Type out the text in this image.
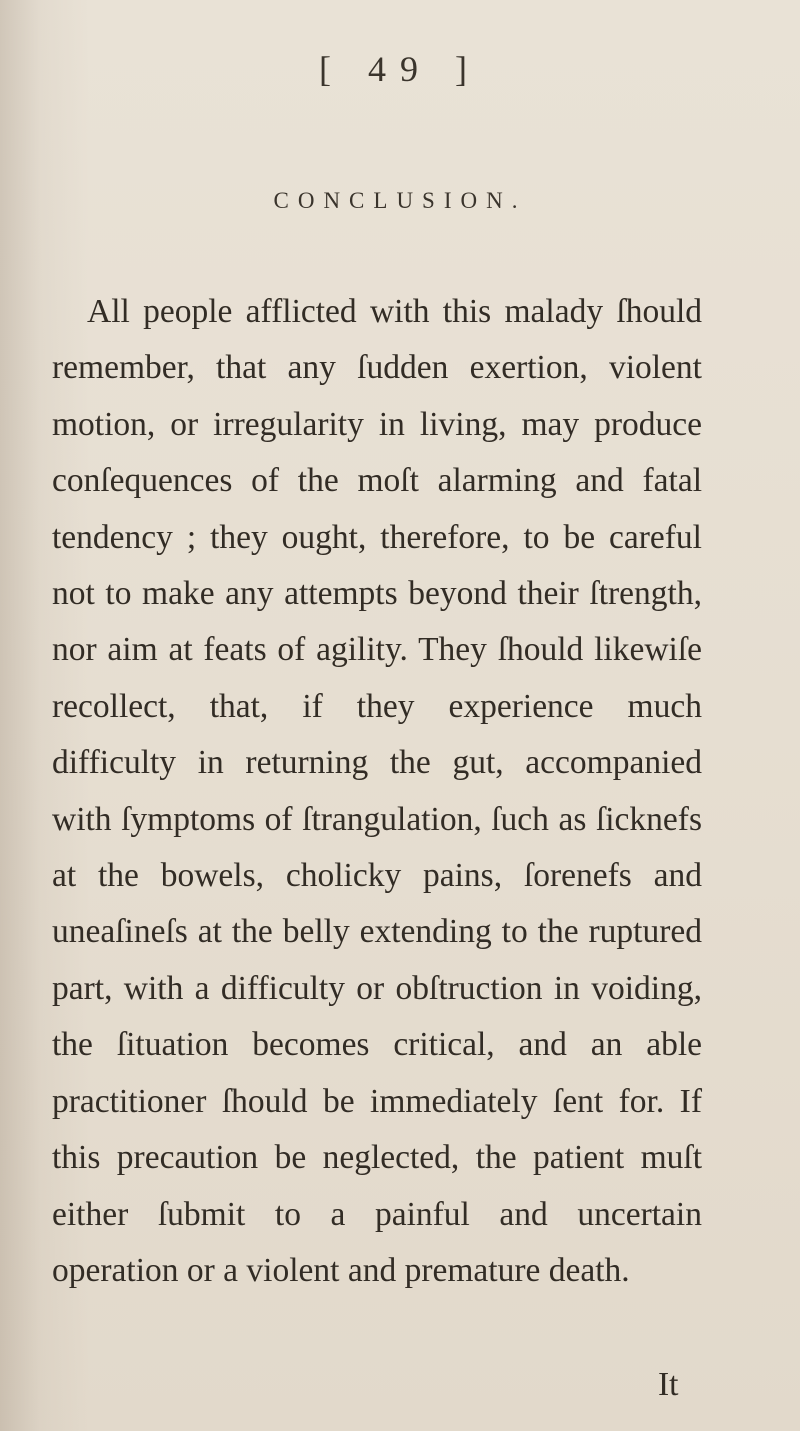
[ 49 ]
CONCLUSION.

All people afflicted with this malady ſhould remember, that any ſudden exertion, violent motion, or irregularity in living, may produce conſequences of the moſt alarming and fatal tendency ; they ought, therefore, to be careful not to make any attempts beyond their ſtrength, nor aim at feats of agility. They ſhould likewiſe recollect, that, if they experience much difficulty in returning the gut, accompanied with ſymptoms of ſtrangulation, ſuch as ſicknefs at the bowels, cholicky pains, ſorenefs and uneaſineſs at the belly extending to the ruptured part, with a difficulty or obſtruction in voiding, the ſituation becomes critical, and an able practitioner ſhould be immediately ſent for. If this precaution be neglected, the patient muſt either ſubmit to a painful and uncertain operation or a violent and premature death.

It
